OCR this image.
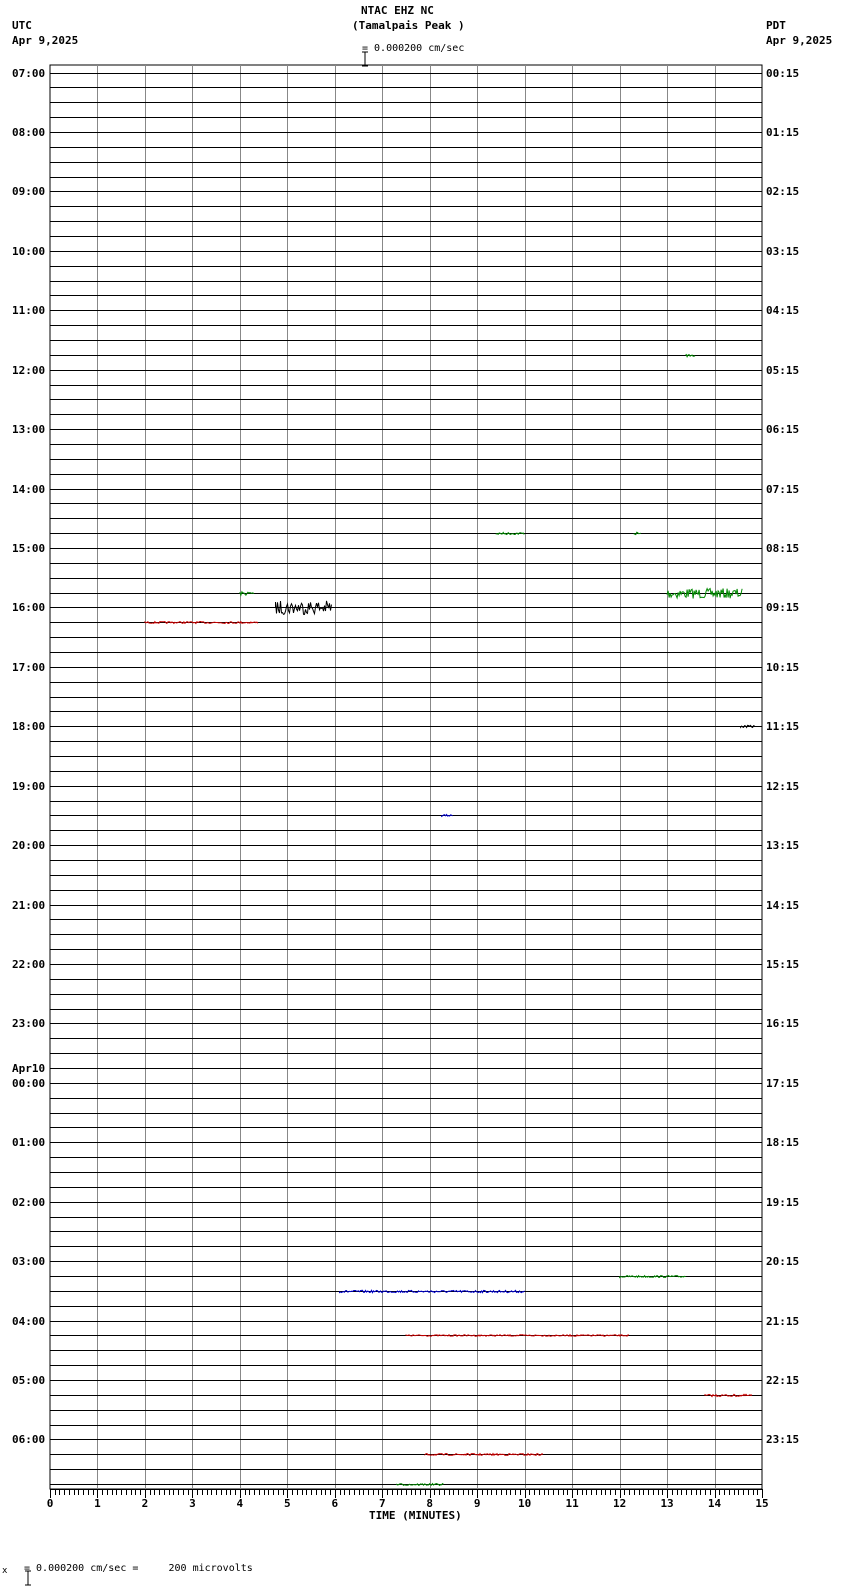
NTAC EHZ NC
(Tamalpais Peak )

= 0.000200 cm/sec
UTC
Apr 9,2025
PDT
Apr 9,2025
0	1	2	3	4	5	6	7	8	9	10	11	12	13	14	15
07:00
08:00
09:00
10:00
11:00
12:00
13:00
14:00
15:00
16:00
17:00
18:00
19:00
20:00
21:00
22:00
23:00
Apr10
00:00
01:00
02:00
03:00
04:00
05:00
06:00
00:15
01:15
02:15
03:15
04:15
05:15
06:15
07:15
08:15
09:15
10:15
11:15
12:15
13:15
14:15
15:15
16:15
17:15
18:15
19:15
20:15
21:15
22:15
23:15
TIME (MINUTES)
x

= 0.000200 cm/sec =     200 microvolts
